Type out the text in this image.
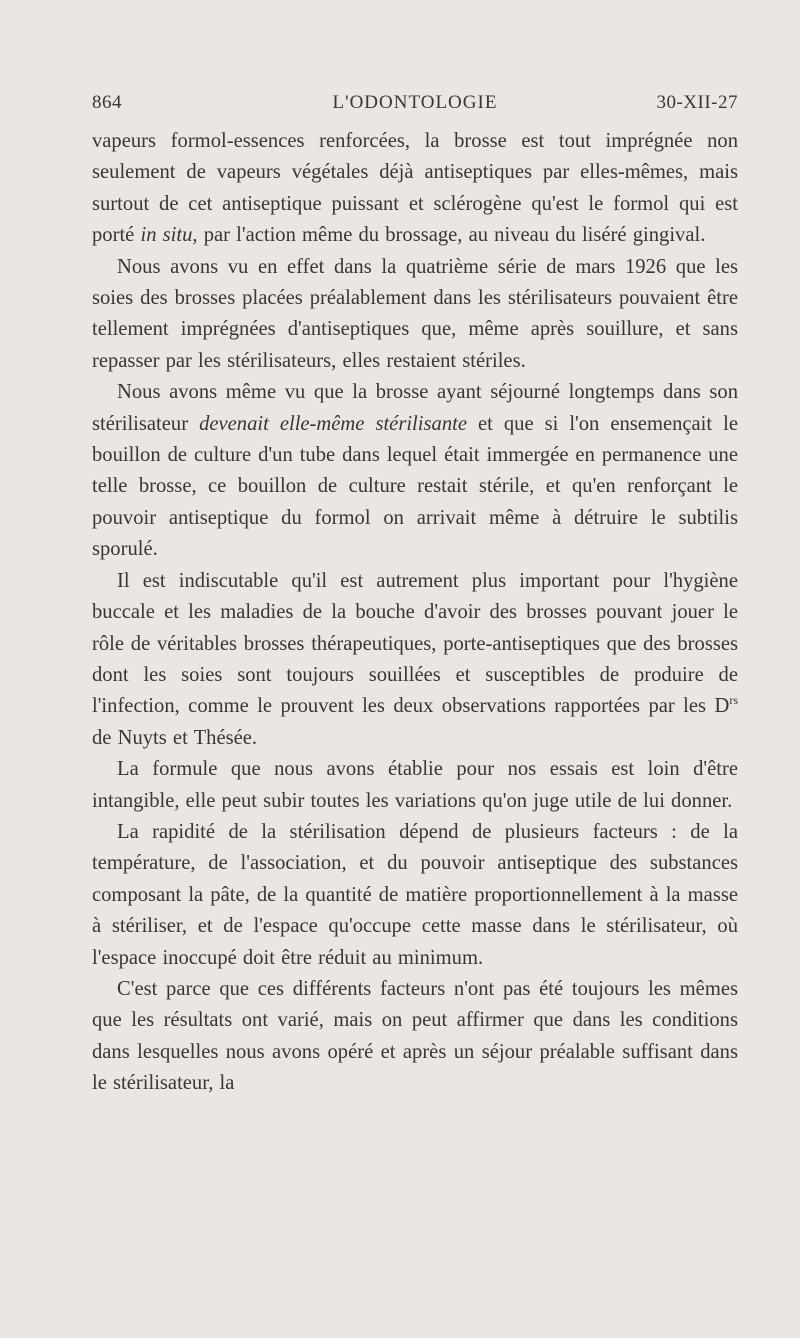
864	L'ODONTOLOGIE	30-XII-27

vapeurs formol-essences renforcées, la brosse est tout imprégnée non seulement de vapeurs végétales déjà antiseptiques par elles-mêmes, mais surtout de cet antiseptique puissant et sclérogène qu'est le formol qui est porté in situ, par l'action même du brossage, au niveau du liséré gingival.

Nous avons vu en effet dans la quatrième série de mars 1926 que les soies des brosses placées préalablement dans les stérilisateurs pouvaient être tellement imprégnées d'antiseptiques que, même après souillure, et sans repasser par les stérilisateurs, elles restaient stériles.

Nous avons même vu que la brosse ayant séjourné longtemps dans son stérilisateur devenait elle-même stérilisante et que si l'on ensemençait le bouillon de culture d'un tube dans lequel était immergée en permanence une telle brosse, ce bouillon de culture restait stérile, et qu'en renforçant le pouvoir antiseptique du formol on arrivait même à détruire le subtilis sporulé.

Il est indiscutable qu'il est autrement plus important pour l'hygiène buccale et les maladies de la bouche d'avoir des brosses pouvant jouer le rôle de véritables brosses thérapeutiques, porte-antiseptiques que des brosses dont les soies sont toujours souillées et susceptibles de produire de l'infection, comme le prouvent les deux observations rapportées par les $D^{rs}$ de Nuyts et Thésée.

La formule que nous avons établie pour nos essais est loin d'être intangible, elle peut subir toutes les variations qu'on juge utile de lui donner.

La rapidité de la stérilisation dépend de plusieurs facteurs : de la température, de l'association, et du pouvoir antiseptique des substances composant la pâte, de la quantité de matière proportionnellement à la masse à stériliser, et de l'espace qu'occupe cette masse dans le stérilisateur, où l'espace inoccupé doit être réduit au minimum.

C'est parce que ces différents facteurs n'ont pas été toujours les mêmes que les résultats ont varié, mais on peut affirmer que dans les conditions dans lesquelles nous avons opéré et après un séjour préalable suffisant dans le stérilisateur, la
